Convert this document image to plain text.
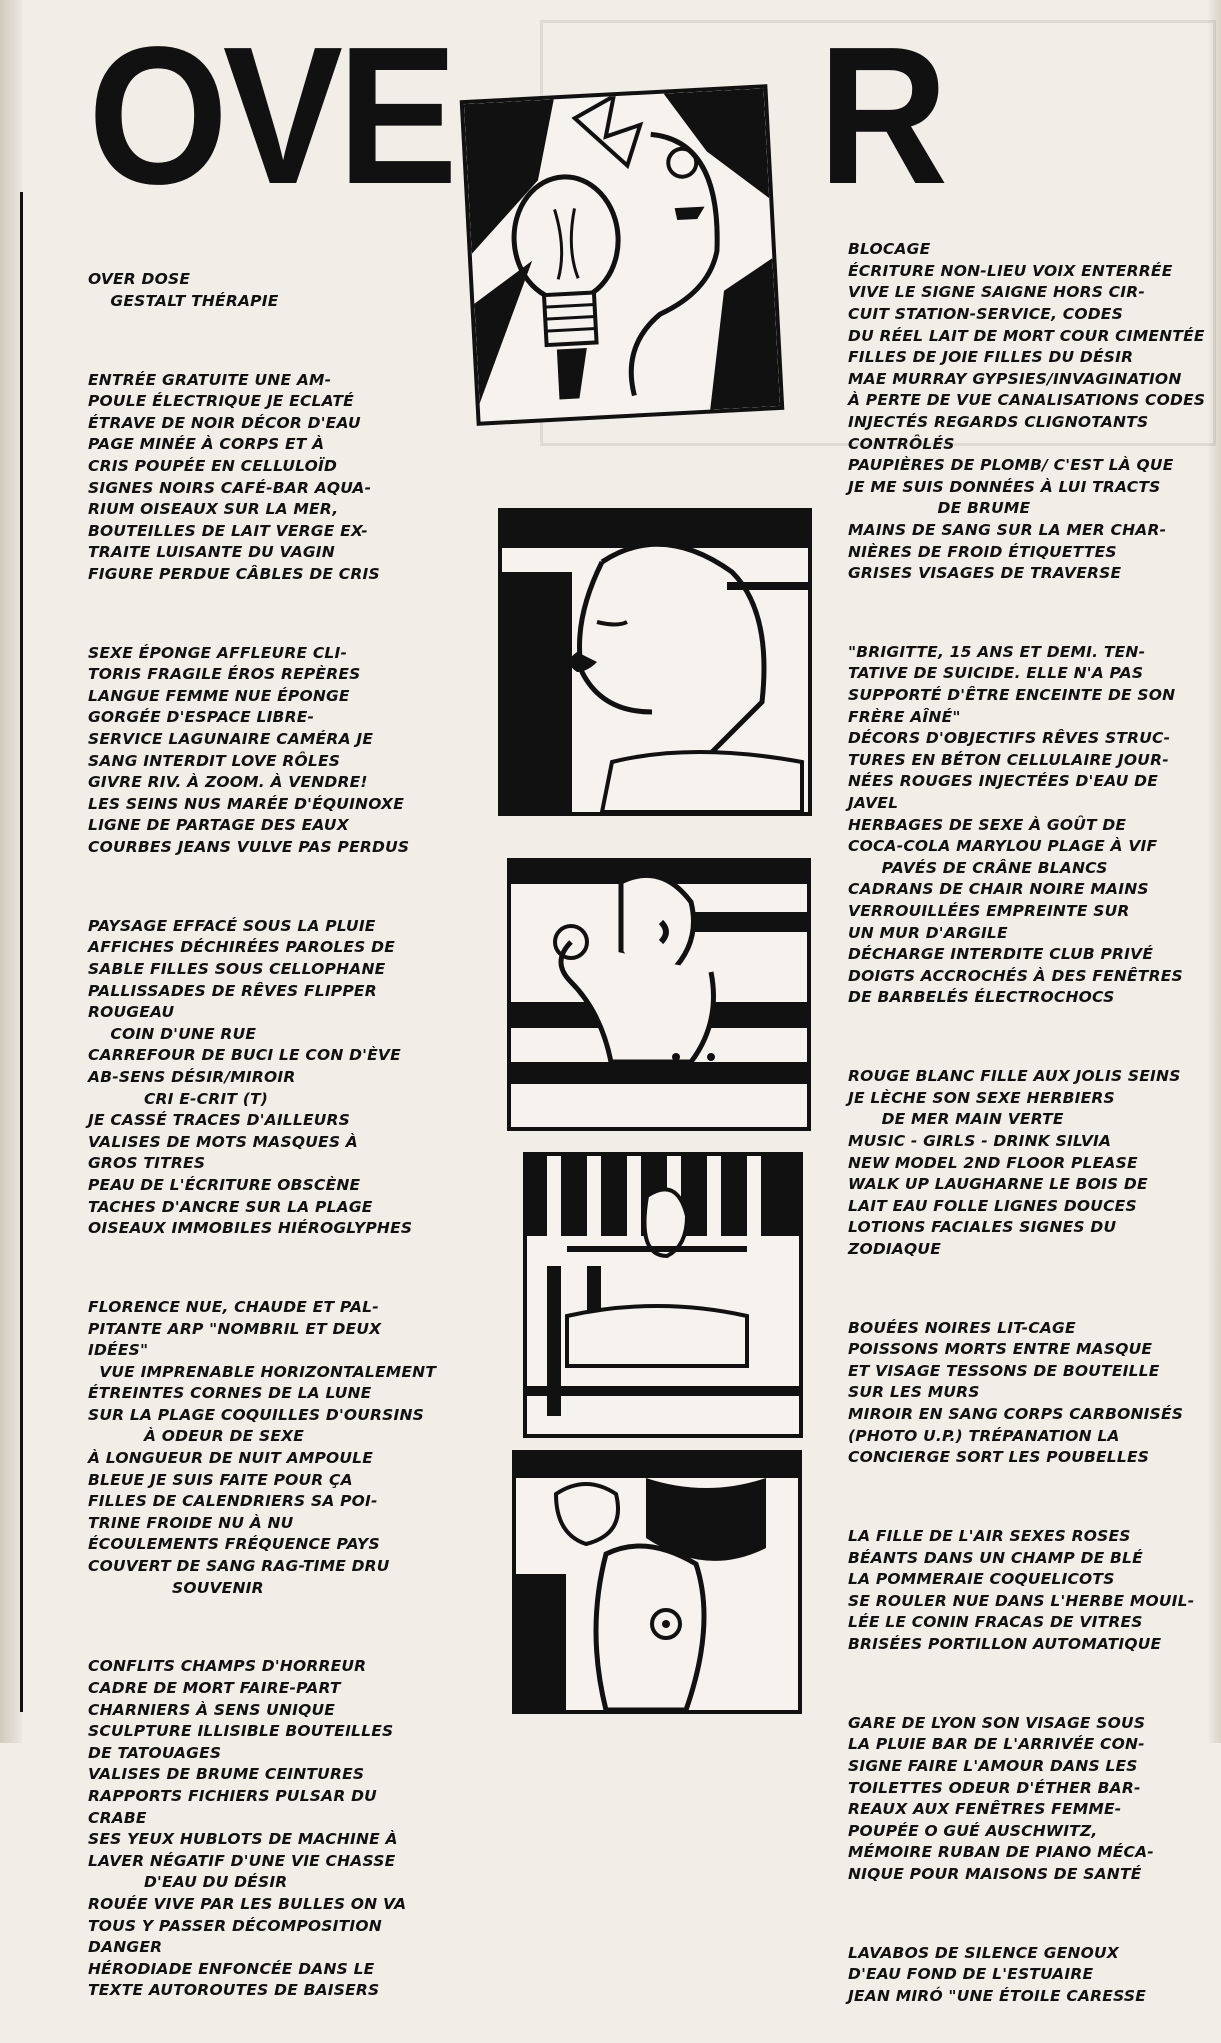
OVE R

OVER DOSE
GESTALT THÉRAPIE

ENTRÉE GRATUITE UNE AM-
POULE ÉLECTRIQUE JE ECLATÉ
ÉTRAVE DE NOIR DÉCOR D'EAU
PAGE MINÉE À CORPS ET À
CRIS POUPÉE EN CELLULOÏD
SIGNES NOIRS CAFÉ-BAR AQUA-
RIUM OISEAUX SUR LA MER,
BOUTEILLES DE LAIT VERGE EX-
TRAITE LUISANTE DU VAGIN
FIGURE PERDUE CÂBLES DE CRIS

SEXE ÉPONGE AFFLEURE CLI-
TORIS FRAGILE ÉROS REPÈRES
LANGUE FEMME NUE ÉPONGE
GORGÉE D'ESPACE LIBRE-
SERVICE LAGUNAIRE CAMÉRA JE
SANG INTERDIT LOVE RÔLES
GIVRE RIV. À ZOOM. À VENDRE!
LES SEINS NUS MARÉE D'ÉQUINOXE
LIGNE DE PARTAGE DES EAUX
COURBES JEANS VULVE PAS PERDUS

PAYSAGE EFFACÉ SOUS LA PLUIE
AFFICHES DÉCHIRÉES PAROLES DE
SABLE FILLES SOUS CELLOPHANE
PALLISSADES DE RÊVES FLIPPER
ROUGEAU
COIN D'UNE RUE
CARREFOUR DE BUCI LE CON D'ÈVE
AB-SENS DÉSIR/MIROIR
CRI E-CRIT (T)
JE CASSÉ TRACES D'AILLEURS
VALISES DE MOTS MASQUES À
GROS TITRES
PEAU DE L'ÉCRITURE OBSCÈNE
TACHES D'ANCRE SUR LA PLAGE
OISEAUX IMMOBILES HIÉROGLYPHES

FLORENCE NUE, CHAUDE ET PAL-
PITANTE ARP "NOMBRIL ET DEUX
IDÉES"
VUE IMPRENABLE HORIZONTALEMENT
ÉTREINTES CORNES DE LA LUNE
SUR LA PLAGE COQUILLES D'OURSINS
À ODEUR DE SEXE
À LONGUEUR DE NUIT AMPOULE
BLEUE JE SUIS FAITE POUR ÇA
FILLES DE CALENDRIERS SA POI-
TRINE FROIDE NU À NU
ÉCOULEMENTS FRÉQUENCE PAYS
COUVERT DE SANG RAG-TIME DRU
SOUVENIR

CONFLITS CHAMPS D'HORREUR
CADRE DE MORT FAIRE-PART
CHARNIERS À SENS UNIQUE
SCULPTURE ILLISIBLE BOUTEILLES
DE TATOUAGES
VALISES DE BRUME CEINTURES
RAPPORTS FICHIERS PULSAR DU
CRABE
SES YEUX HUBLOTS DE MACHINE À
LAVER NÉGATIF D'UNE VIE CHASSE
D'EAU DU DÉSIR
ROUÉE VIVE PAR LES BULLES ON VA
TOUS Y PASSER DÉCOMPOSITION
DANGER
HÉRODIADE ENFONCÉE DANS LE
TEXTE AUTOROUTES DE BAISERS

BLOCAGE
ÉCRITURE NON-LIEU VOIX ENTERRÉE
VIVE LE SIGNE SAIGNE HORS CIR-
CUIT STATION-SERVICE, CODES
DU RÉEL LAIT DE MORT COUR CIMENTÉE
FILLES DE JOIE FILLES DU DÉSIR
MAE MURRAY GYPSIES/INVAGINATION
À PERTE DE VUE CANALISATIONS CODES
INJECTÉS REGARDS CLIGNOTANTS
CONTRÔLÉS
PAUPIÈRES DE PLOMB/ C'EST LÀ QUE
JE ME SUIS DONNÉES À LUI TRACTS
DE BRUME
MAINS DE SANG SUR LA MER CHAR-
NIÈRES DE FROID ÉTIQUETTES
GRISES VISAGES DE TRAVERSE

"BRIGITTE, 15 ANS ET DEMI. TEN-
TATIVE DE SUICIDE. ELLE N'A PAS
SUPPORTÉ D'ÊTRE ENCEINTE DE SON
FRÈRE AÎNÉ"
DÉCORS D'OBJECTIFS RÊVES STRUC-
TURES EN BÉTON CELLULAIRE JOUR-
NÉES ROUGES INJECTÉES D'EAU DE
JAVEL
HERBAGES DE SEXE À GOÛT DE
COCA-COLA MARYLOU PLAGE À VIF
PAVÉS DE CRÂNE BLANCS
CADRANS DE CHAIR NOIRE MAINS
VERROUILLÉES EMPREINTE SUR
UN MUR D'ARGILE
DÉCHARGE INTERDITE CLUB PRIVÉ
DOIGTS ACCROCHÉS À DES FENÊTRES
DE BARBELÉS ÉLECTROCHOCS

ROUGE BLANC FILLE AUX JOLIS SEINS
JE LÈCHE SON SEXE HERBIERS
DE MER MAIN VERTE
MUSIC - GIRLS - DRINK SILVIA
NEW MODEL 2ND FLOOR PLEASE
WALK UP LAUGHARNE LE BOIS DE
LAIT EAU FOLLE LIGNES DOUCES
LOTIONS FACIALES SIGNES DU
ZODIAQUE

BOUÉES NOIRES LIT-CAGE
POISSONS MORTS ENTRE MASQUE
ET VISAGE TESSONS DE BOUTEILLE
SUR LES MURS
MIROIR EN SANG CORPS CARBONISÉS
(PHOTO U.P.) TRÉPANATION LA
CONCIERGE SORT LES POUBELLES

LA FILLE DE L'AIR SEXES ROSES
BÉANTS DANS UN CHAMP DE BLÉ
LA POMMERAIE COQUELICOTS
SE ROULER NUE DANS L'HERBE MOUIL-
LÉE LE CONIN FRACAS DE VITRES
BRISÉES PORTILLON AUTOMATIQUE

GARE DE LYON SON VISAGE SOUS
LA PLUIE BAR DE L'ARRIVÉE CON-
SIGNE FAIRE L'AMOUR DANS LES
TOILETTES ODEUR D'ÉTHER BAR-
REAUX AUX FENÊTRES FEMME-
POUPÉE O GUÉ AUSCHWITZ,
MÉMOIRE RUBAN DE PIANO MÉCA-
NIQUE POUR MAISONS DE SANTÉ

LAVABOS DE SILENCE GENOUX
D'EAU FOND DE L'ESTUAIRE
JEAN MIRÓ "UNE ÉTOILE CARESSE
